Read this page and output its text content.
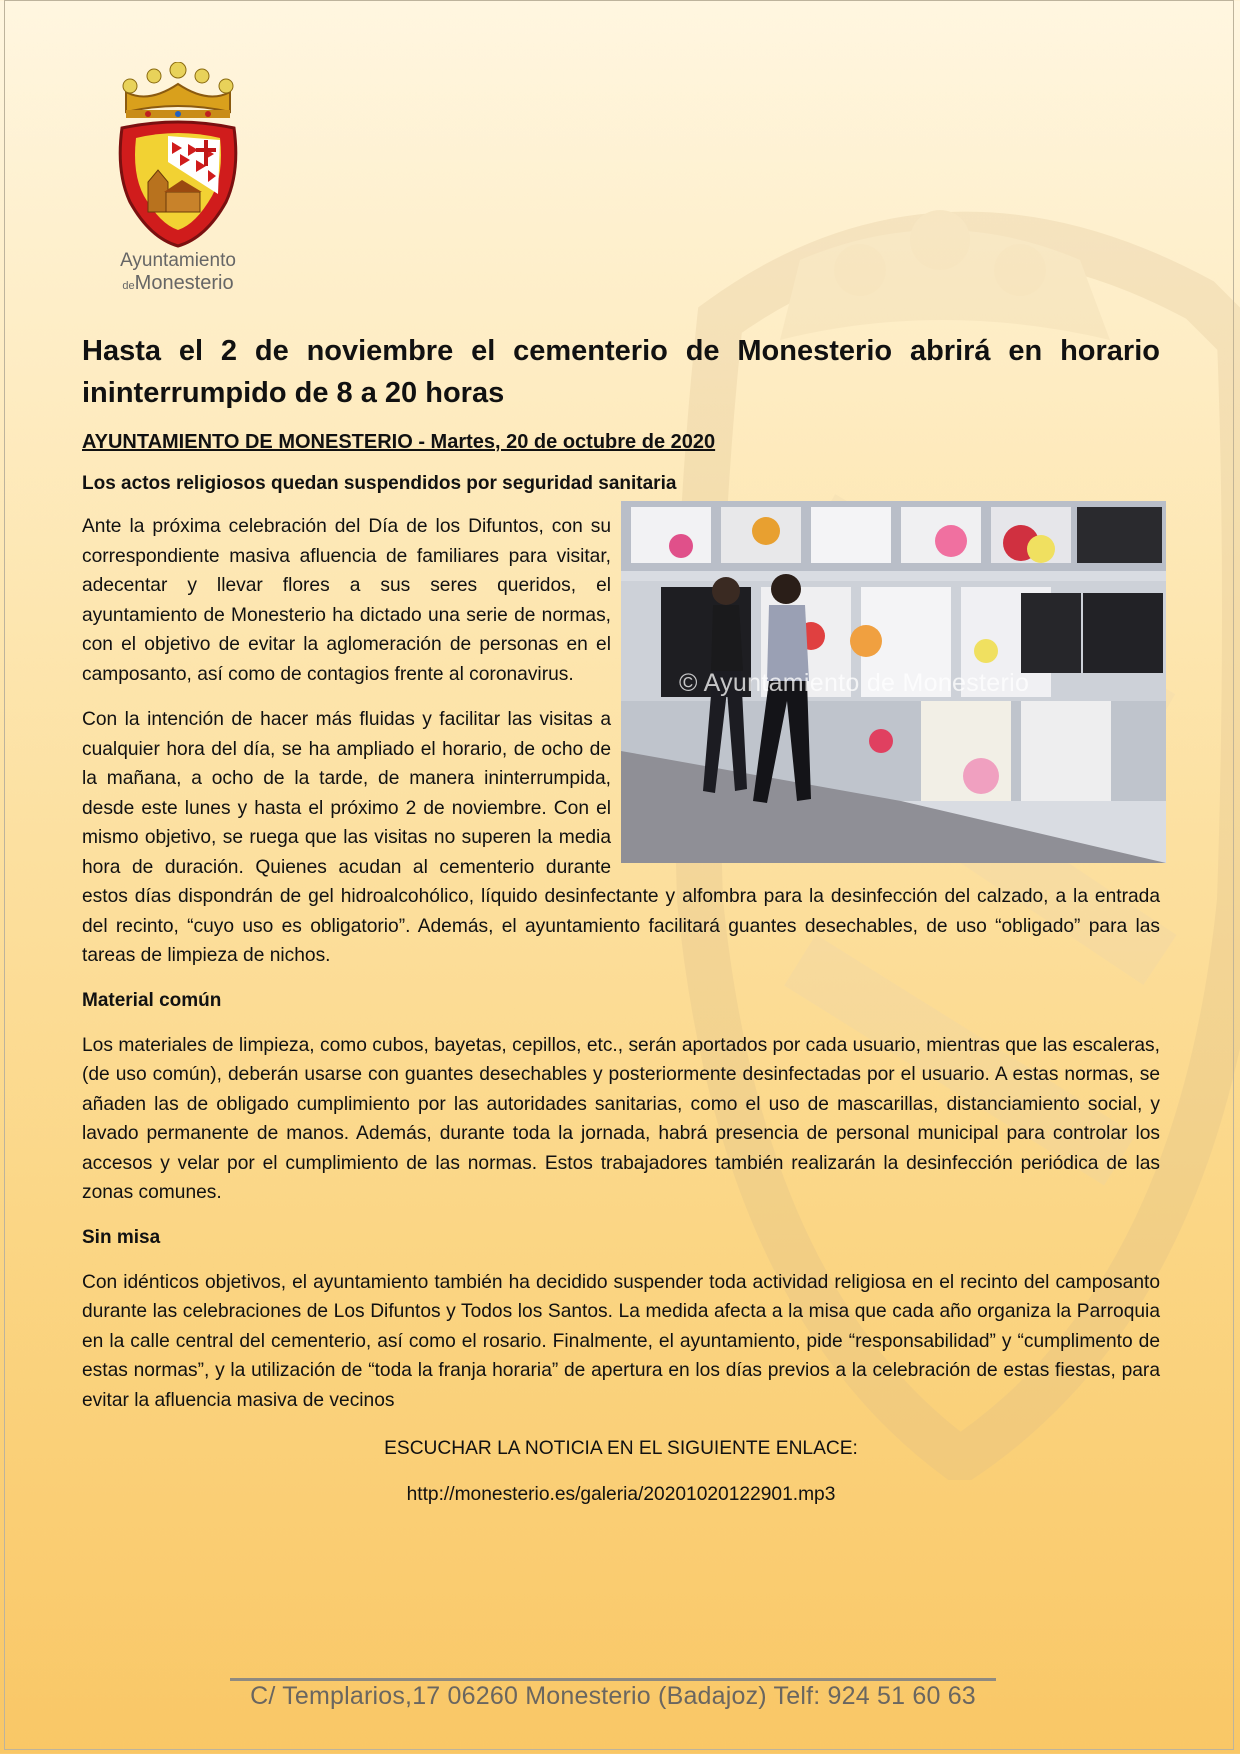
Ayuntamiento
deMonesterio
Hasta el 2 de noviembre el cementerio de Monesterio abrirá en horario ininterrumpido de 8 a 20 horas
AYUNTAMIENTO DE MONESTERIO - Martes, 20 de octubre de 2020
Los actos religiosos quedan suspendidos por seguridad sanitaria
© Ayuntamiento de Monesterio

Ante la próxima celebración del Día de los Difuntos, con su correspondiente masiva afluencia de familiares para visitar, adecentar y llevar flores a sus seres queridos, el ayuntamiento de Monesterio ha dictado una serie de normas, con el objetivo de evitar la aglomeración de personas en el camposanto, así como de contagios frente al coronavirus.

Con la intención de hacer más fluidas y facilitar las visitas a cualquier hora del día, se ha ampliado el horario, de ocho de la mañana, a ocho de la tarde, de manera ininterrumpida, desde este lunes y hasta el próximo 2 de noviembre. Con el mismo objetivo, se ruega que las visitas no superen la media hora de duración. Quienes acudan al cementerio durante estos días dispondrán de gel hidroalcohólico, líquido desinfectante y alfombra para la desinfección del calzado, a la entrada del recinto, “cuyo uso es obligatorio”. Además, el ayuntamiento facilitará guantes desechables, de uso “obligado” para las tareas de limpieza de nichos.

Material común

Los materiales de limpieza, como cubos, bayetas, cepillos, etc., serán aportados por cada usuario, mientras que las escaleras, (de uso común), deberán usarse con guantes desechables y posteriormente desinfectadas por el usuario. A estas normas, se añaden las de obligado cumplimiento por las autoridades sanitarias, como el uso de mascarillas, distanciamiento social, y lavado permanente de manos. Además, durante toda la jornada, habrá presencia de personal municipal para controlar los accesos y velar por el cumplimiento de las normas. Estos trabajadores también realizarán la desinfección periódica de las zonas comunes.

Sin misa

Con idénticos objetivos, el ayuntamiento también ha decidido suspender toda actividad religiosa en el recinto del camposanto durante las celebraciones de Los Difuntos y Todos los Santos. La medida afecta a la misa que cada año organiza la Parroquia en la calle central del cementerio, así como el rosario. Finalmente, el ayuntamiento, pide “responsabilidad” y “cumplimento de estas normas”, y la utilización de “toda la franja horaria” de apertura en los días previos a la celebración de estas fiestas, para evitar la afluencia masiva de vecinos

ESCUCHAR LA NOTICIA EN EL SIGUIENTE ENLACE:
http://monesterio.es/galeria/20201020122901.mp3
C/ Templarios,17 06260 Monesterio (Badajoz) Telf: 924 51 60 63
